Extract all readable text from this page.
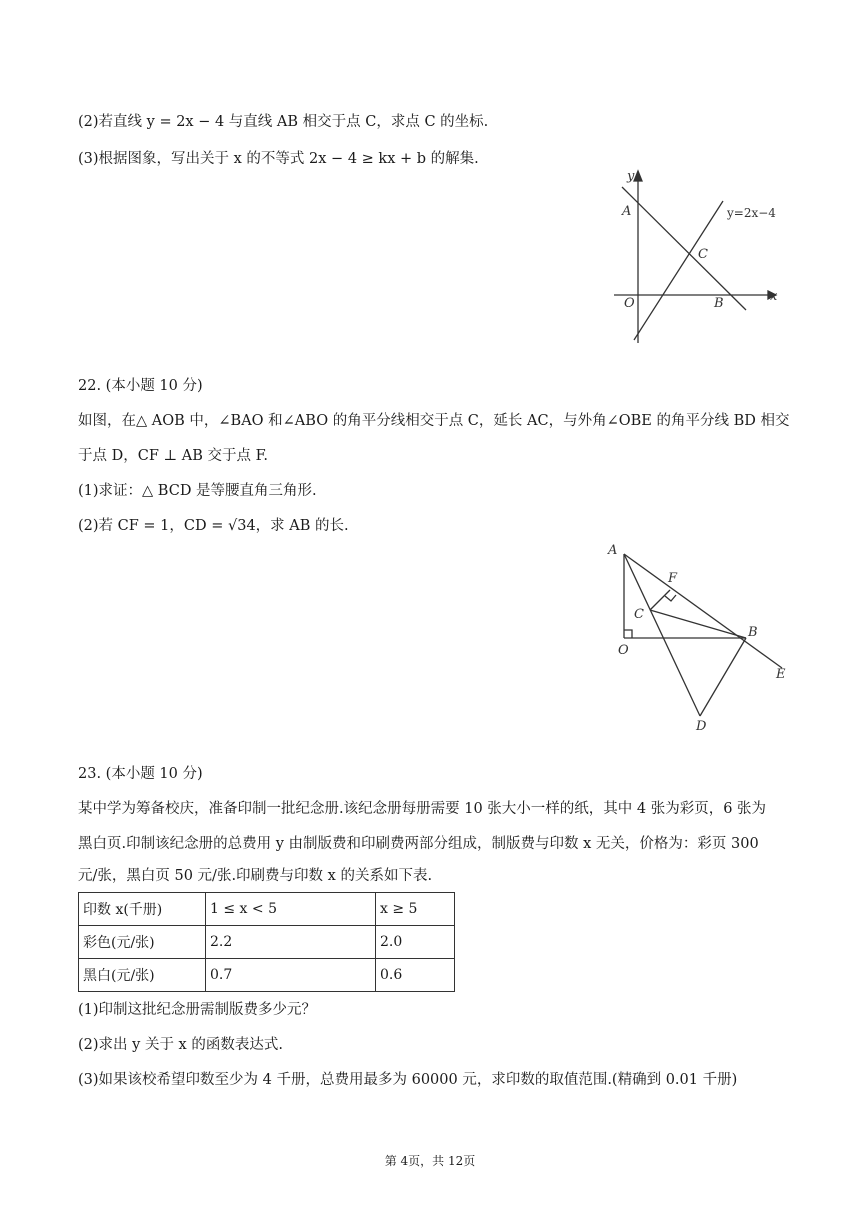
(2)若直线 y = 2x − 4 与直线 AB 相交于点 C，求点 C 的坐标.
(3)根据图象，写出关于 x 的不等式 2x − 4 ≥ kx + b 的解集.
y
x
A
C
O	B
y=2x−4
22. (本小题 10 分)
如图，在△ AOB 中，∠BAO 和∠ABO 的角平分线相交于点 C，延长 AC，与外角∠OBE 的角平分线 BD 相交
于点 D，CF ⊥ AB 交于点 F.
(1)求证：△ BCD 是等腰直角三角形.
(2)若 CF = 1，CD = √34，求 AB 的长.
A
F
C
B
O
E
D
23. (本小题 10 分)
某中学为筹备校庆，准备印制一批纪念册.该纪念册每册需要 10 张大小一样的纸，其中 4 张为彩页，6 张为
黑白页.印制该纪念册的总费用 y 由制版费和印刷费两部分组成，制版费与印数 x 无关，价格为：彩页 300
元/张，黑白页 50 元/张.印刷费与印数 x 的关系如下表.
印数 x(千册)	1 ≤ x < 5	x ≥ 5
彩色(元/张)	2.2	2.0
黑白(元/张)	0.7	0.6
(1)印制这批纪念册需制版费多少元？
(2)求出 y 关于 x 的函数表达式.
(3)如果该校希望印数至少为 4 千册，总费用最多为 60000 元，求印数的取值范围.(精确到 0.01 千册)
第 4页，共 12页
